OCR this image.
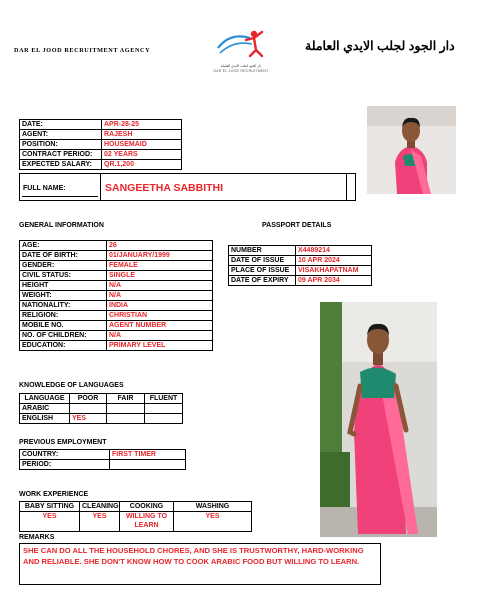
DAR EL JOOD RECRUITMENT AGENCY
دار الجود لجلب الايدي العاملة
DAR EL JOOD RECRUITMENT
دار الجود لجلب الايدي العاملة
DATE:	APR-28-25
AGENT:	RAJESH
POSITION:	HOUSEMAID
CONTRACT PERIOD:	02 YEARS
EXPECTED SALARY:	QR.1,200
FULL NAME:	SANGEETHA SABBITHI
GENERAL INFORMATION
AGE:	26
DATE OF BIRTH:	01/JANUARY/1999
GENDER:	FEMALE
CIVIL STATUS:	SINGLE
HEIGHT	N/A
WEIGHT:	N/A
NATIONALITY:	INDIA
RELIGION:	CHRISTIAN
MOBILE NO.	AGENT NUMBER
NO. OF CHILDREN:	N/A
EDUCATION:	PRIMARY LEVEL
PASSPORT DETAILS
NUMBER	X4489214
DATE OF ISSUE	10 APR 2024
PLACE OF ISSUE	VISAKHAPATNAM
DATE OF EXPIRY	09 APR 2034
KNOWLEDGE OF LANGUAGES
LANGUAGE	POOR	FAIR	FLUENT
ARABIC			
ENGLISH	YES		
PREVIOUS EMPLOYMENT
COUNTRY:	FIRST TIMER
PERIOD:	
WORK EXPERIENCE
BABY SITTING	CLEANING	COOKING	WASHING
YES	YES	WILLING TO LEARN	YES
REMARKS
SHE CAN DO ALL THE HOUSEHOLD CHORES, AND SHE IS TRUSTWORTHY, HARD-WORKING AND RELIABLE. SHE DON'T KNOW HOW TO COOK ARABIC FOOD BUT WILLING TO LEARN.
